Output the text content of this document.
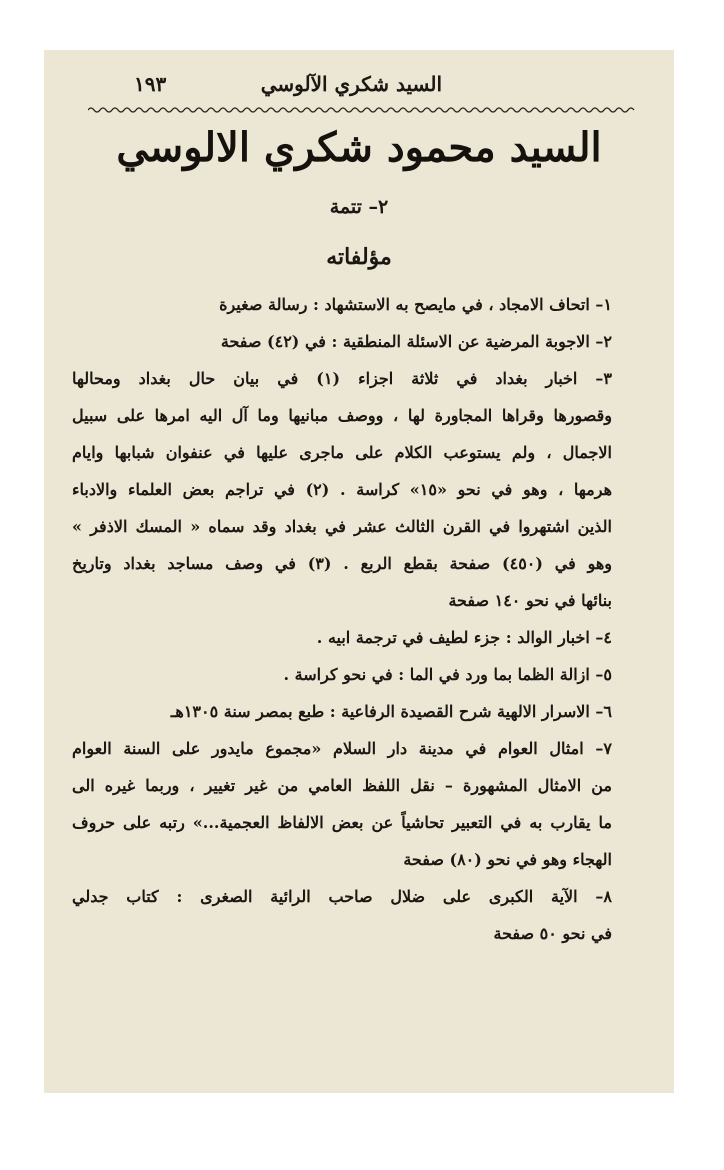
السيد شكري الآلوسي
١٩٣
السيد محمود شكري الالوسي
٢– تتمة
مؤلفاته
١– اتحاف الامجاد ، في مايصح به الاستشهاد : رسالة صغيرة
٢– الاجوبة المرضية عن الاسئلة المنطقية : في (٤٢) صفحة
٣– اخبار بغداد في ثلاثة اجزاء (١) في بيان حال بغداد ومحالها
وقصورها وقراها المجاورة لها ، ووصف مبانيها وما آل اليه امرها على سبيل
الاجمال ، ولم يستوعب الكلام على ماجرى عليها في عنفوان شبابها وايام
هرمها ، وهو في نحو «١٥» كراسة . (٢) في تراجم بعض العلماء والادباء
الذين اشتهروا في القرن الثالث عشر في بغداد وقد سماه « المسك الاذفر »
وهو في (٤٥٠) صفحة بقطع الربع . (٣) في وصف مساجد بغداد وتاريخ
بنائها في نحو ١٤٠ صفحة
٤– اخبار الوالد : جزء لطيف في ترجمة ابيه .
٥– ازالة الظما بما ورد في الما : في نحو كراسة .
٦– الاسرار الالهية شرح القصيدة الرفاعية : طبع بمصر سنة ١٣٠٥هـ
٧– امثال العوام في مدينة دار السلام «مجموع مايدور على السنة العوام
من الامثال المشهورة – نقل اللفظ العامي من غير تغيير ، وربما غيره الى
ما يقارب به في التعبير تحاشياً عن بعض الالفاظ العجمية...» رتبه على حروف
الهجاء وهو في نحو (٨٠) صفحة
٨– الآية الكبرى على ضلال صاحب الرائية الصغرى : كتاب جدلي
في نحو ٥٠ صفحة
